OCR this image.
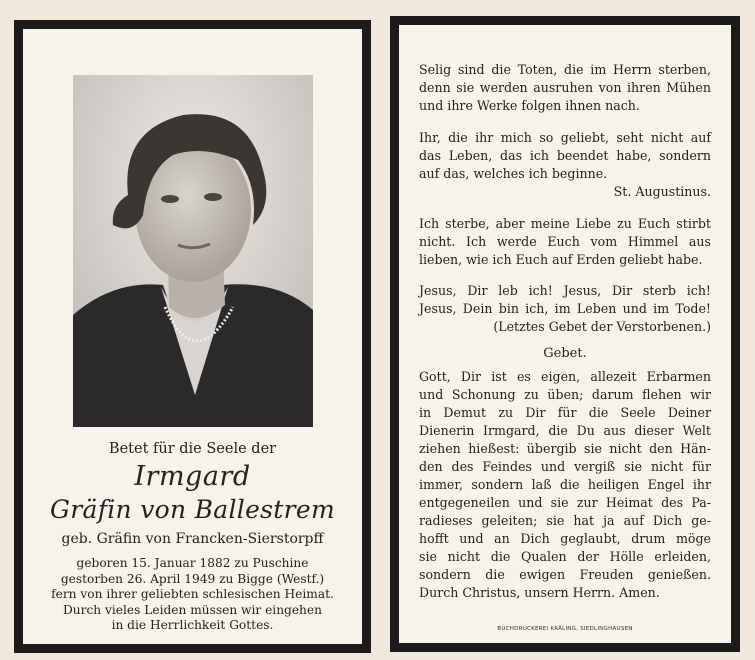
Betet für die Seele der
Irmgard
Gräfin von Ballestrem
geb. Gräfin von Francken-Sierstorpff
geboren 15. Januar 1882 zu Puschine
gestorben 26. April 1949 zu Bigge (Westf.)
fern von ihrer geliebten schlesischen Heimat.
Durch vieles Leiden müssen wir eingehen
in die Herrlichkeit Gottes.
Selig sind die Toten, die im Herrn sterben,
denn sie werden ausruhen von ihren Mühen
und ihre Werke folgen ihnen nach.
Ihr, die ihr mich so geliebt, seht nicht auf
das Leben, das ich beendet habe, sondern
auf das, welches ich beginne.
St. Augustinus.
Ich sterbe, aber meine Liebe zu Euch stirbt
nicht. Ich werde Euch vom Himmel aus
lieben, wie ich Euch auf Erden geliebt habe.
Jesus, Dir leb ich! Jesus, Dir sterb ich!
Jesus, Dein bin ich, im Leben und im Tode!
(Letztes Gebet der Verstorbenen.)
Gebet.
Gott, Dir ist es eigen, allezeit Erbarmen
und Schonung zu üben; darum flehen wir
in Demut zu Dir für die Seele Deiner
Dienerin Irmgard, die Du aus dieser Welt
ziehen hießest: übergib sie nicht den Hän-
den des Feindes und vergiß sie nicht für
immer, sondern laß die heiligen Engel ihr
entgegeneilen und sie zur Heimat des Pa-
radieses geleiten; sie hat ja auf Dich ge-
hofft und an Dich geglaubt, drum möge
sie nicht die Qualen der Hölle erleiden,
sondern die ewigen Freuden genießen.
Durch Christus, unsern Herrn. Amen.
BUCHDRUCKEREI KRÄLING, SIEDLINGHAUSEN
